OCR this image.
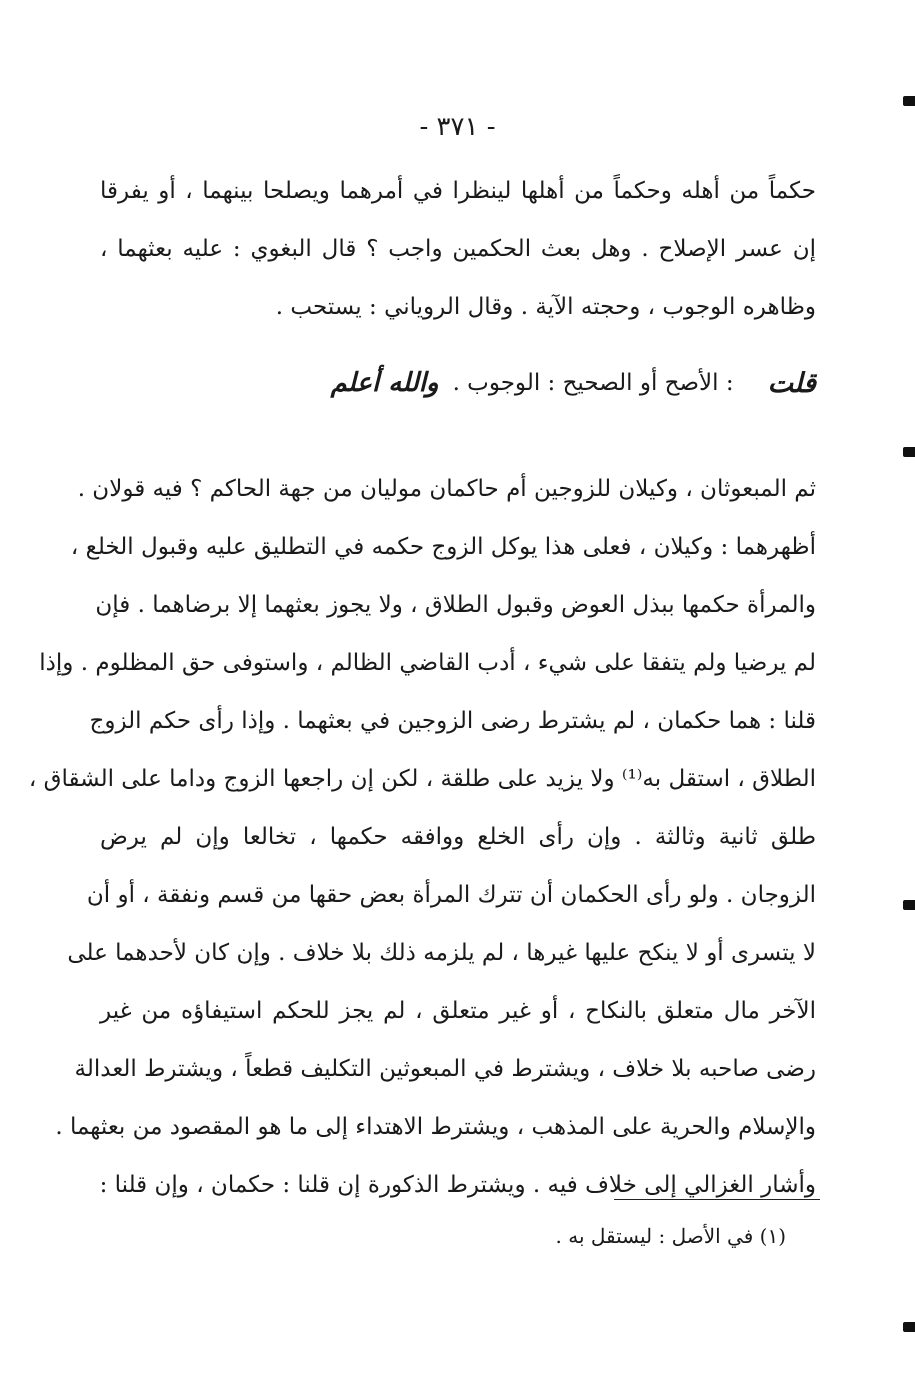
- ٣٧١ -
حكماً من أهله وحكماً من أهلها لينظرا في أمرهما ويصلحا بينهما ، أو يفرقا
إن عسر الإصلاح . وهل بعث الحكمين واجب ؟ قال البغوي : عليه بعثهما ،
وظاهره الوجوب ، وحجته الآية . وقال الروياني : يستحب .
قلت
: الأصح أو الصحيح : الوجوب .
والله أعلم
ثم المبعوثان ، وكيلان للزوجين أم حاكمان موليان من جهة الحاكم ؟ فيه قولان .
أظهرهما : وكيلان ، فعلى هذا يوكل الزوج حكمه في التطليق عليه وقبول الخلع ،
والمرأة حكمها ببذل العوض وقبول الطلاق ، ولا يجوز بعثهما إلا برضاهما . فإن
لم يرضيا ولم يتفقا على شيء ، أدب القاضي الظالم ، واستوفى حق المظلوم . وإذا
قلنا : هما حكمان ، لم يشترط رضى الزوجين في بعثهما . وإذا رأى حكم الزوج
الطلاق ، استقل به⁽¹⁾ ولا يزيد على طلقة ، لكن إن راجعها الزوج وداما على الشقاق ،
طلق ثانية وثالثة . وإن رأى الخلع ووافقه حكمها ، تخالعا وإن لم يرض
الزوجان . ولو رأى الحكمان أن تترك المرأة بعض حقها من قسم ونفقة ، أو أن
لا يتسرى أو لا ينكح عليها غيرها ، لم يلزمه ذلك بلا خلاف . وإن كان لأحدهما على
الآخر مال متعلق بالنكاح ، أو غير متعلق ، لم يجز للحكم استيفاؤه من غير
رضى صاحبه بلا خلاف ، ويشترط في المبعوثين التكليف قطعاً ، ويشترط العدالة
والإسلام والحرية على المذهب ، ويشترط الاهتداء إلى ما هو المقصود من بعثهما .
وأشار الغزالي إلى خلاف فيه . ويشترط الذكورة إن قلنا : حكمان ، وإن قلنا :
(١) في الأصل : ليستقل به .
